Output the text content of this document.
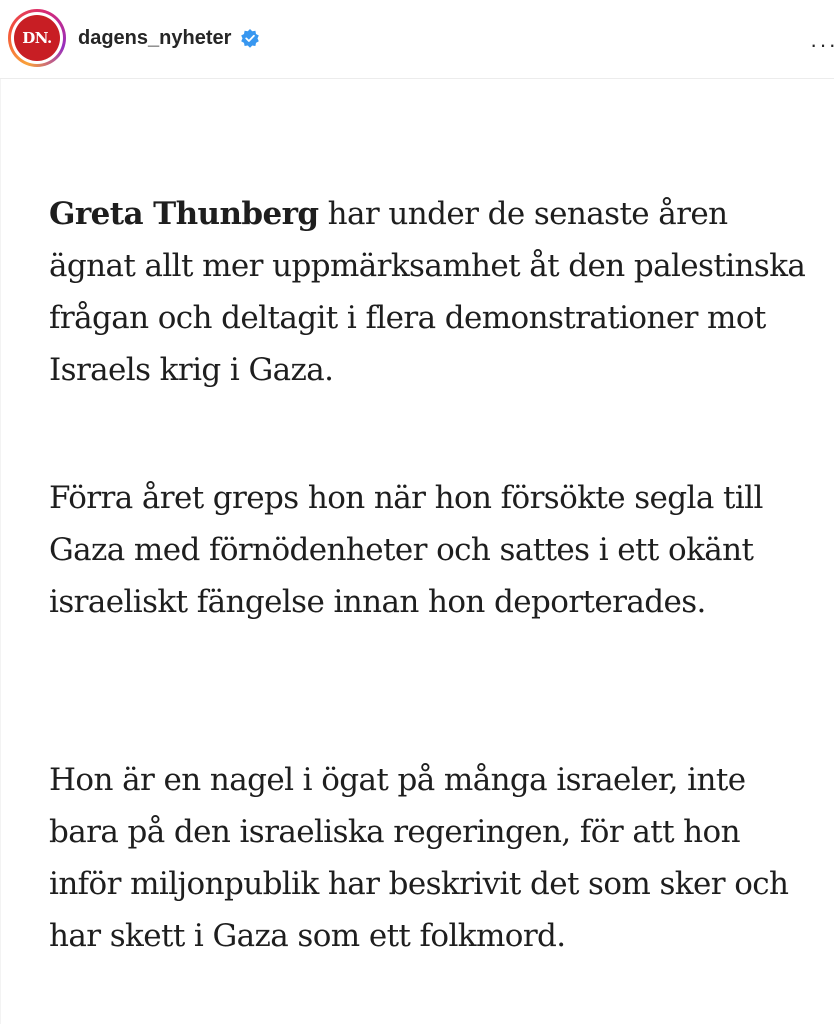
DN.	dagens_nyheter	···

Greta Thunberg har under de senaste åren ägnat allt mer uppmärksamhet åt den palestinska frågan och deltagit i flera demonstrationer mot Israels krig i Gaza.

Förra året greps hon när hon försökte segla till Gaza med förnödenheter och sattes i ett okänt israeliskt fängelse innan hon deporterades.

Hon är en nagel i ögat på många israeler, inte bara på den israeliska regeringen, för att hon inför miljonpublik har beskrivit det som sker och har skett i Gaza som ett folkmord.
